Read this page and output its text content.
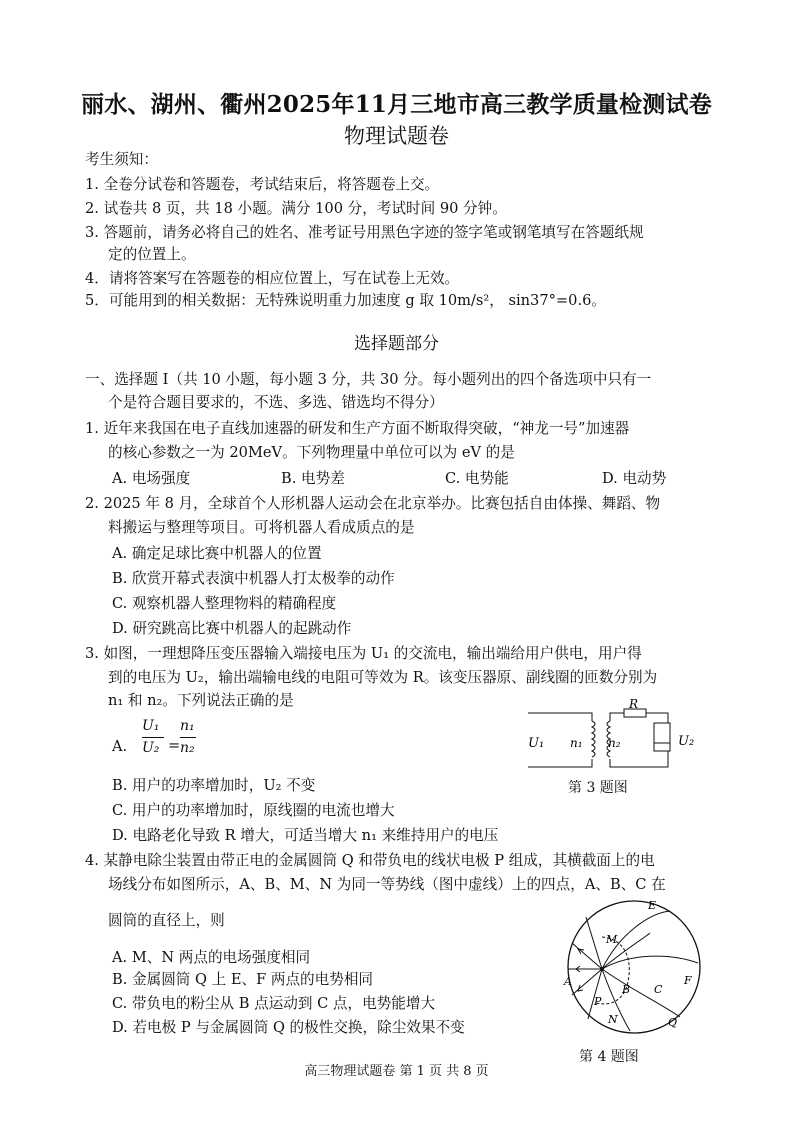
丽水、湖州、衢州2025年11月三地市高三教学质量检测试卷
物理试题卷
考生须知：
1. 全卷分试卷和答题卷，考试结束后，将答题卷上交。
2. 试卷共 8 页，共 18 小题。满分 100 分，考试时间 90 分钟。
3. 答题前，请务必将自己的姓名、准考证号用黑色字迹的签字笔或钢笔填写在答题纸规
定的位置上。
4．请将答案写在答题卷的相应位置上，写在试卷上无效。
5．可能用到的相关数据：无特殊说明重力加速度 g 取 10m/s²， sin37°=0.6。
选择题部分
一、选择题 I（共 10 小题，每小题 3 分，共 30 分。每小题列出的四个备选项中只有一
个是符合题目要求的，不选、多选、错选均不得分）
1. 近年来我国在电子直线加速器的研发和生产方面不断取得突破，“神龙一号”加速器
的核心参数之一为 20MeV。下列物理量中单位可以为 eV 的是
A. 电场强度	B. 电势差	C. 电势能	D. 电动势
2. 2025 年 8 月，全球首个人形机器人运动会在北京举办。比赛包括自由体操、舞蹈、物
料搬运与整理等项目。可将机器人看成质点的是
A. 确定足球比赛中机器人的位置
B. 欣赏开幕式表演中机器人打太极拳的动作
C. 观察机器人整理物料的精确程度
D. 研究跳高比赛中机器人的起跳动作
3. 如图，一理想降压变压器输入端接电压为 U₁ 的交流电，输出端给用户供电，用户得
到的电压为 U₂，输出端输电线的电阻可等效为 R。该变压器原、副线圈的匝数分别为
n₁ 和 n₂。下列说法正确的是
A.
U₁
U₂ =
n₁
n₂
B. 用户的功率增加时，U₂ 不变
C. 用户的功率增加时，原线圈的电流也增大
D. 电路老化导致 R 增大，可适当增大 n₁ 来维持用户的电压
U₁ n₁ n₂
R
U₂
第 3 题图
4. 某静电除尘装置由带正电的金属圆筒 Q 和带负电的线状电极 P 组成，其横截面上的电
场线分布如图所示，A、B、M、N 为同一等势线（图中虚线）上的四点，A、B、C 在
圆筒的直径上，则
A. M、N 两点的电场强度相同
B. 金属圆筒 Q 上 E、F 两点的电势相同
C. 带负电的粉尘从 B 点运动到 C 点，电势能增大
D. 若电极 P 与金属圆筒 Q 的极性交换，除尘效果不变
E
M
A
B C
F
P
N	Q
第 4 题图
高三物理试题卷 第 1 页 共 8 页
